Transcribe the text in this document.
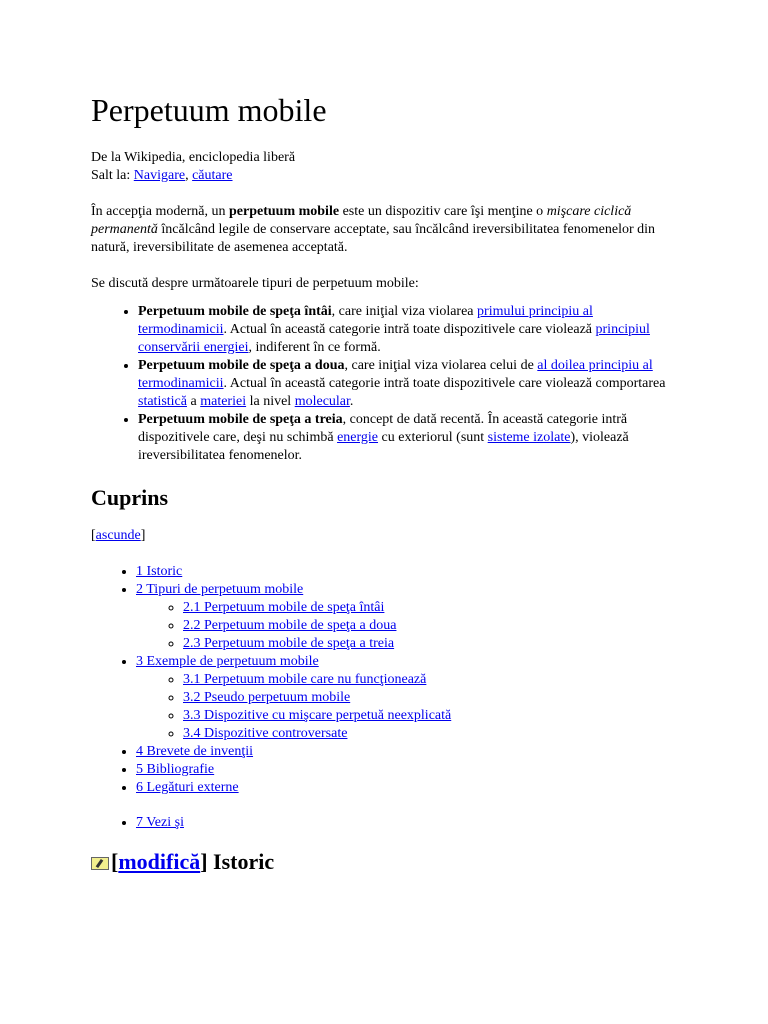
Perpetuum mobile

De la Wikipedia, enciclopedia liberă

Salt la: Navigare, căutare

În accepţia modernă, un perpetuum mobile este un dispozitiv care îşi menţine o mişcare ciclică permanentă încălcând legile de conservare acceptate, sau încălcând ireversibilitatea fenomenelor din natură, ireversibilitate de asemenea acceptată.

Se discută despre următoarele tipuri de perpetuum mobile:

• Perpetuum mobile de speţa întâi, care iniţial viza violarea primului principiu al termodinamicii. Actual în această categorie intră toate dispozitivele care violează principiul conservării energiei, indiferent în ce formă.
• Perpetuum mobile de speţa a doua, care iniţial viza violarea celui de al doilea principiu al termodinamicii. Actual în această categorie intră toate dispozitivele care violează comportarea statistică a materiei la nivel molecular.
• Perpetuum mobile de speţa a treia, concept de dată recentă. În această categorie intră dispozitivele care, deşi nu schimbă energie cu exteriorul (sunt sisteme izolate), violează ireversibilitatea fenomenelor.
Cuprins

[ascunde]

• 1 Istoric
• 2 Tipuri de perpetuum mobile
◦ 2.1 Perpetuum mobile de speţa întâi
◦ 2.2 Perpetuum mobile de speţa a doua
◦ 2.3 Perpetuum mobile de speţa a treia
• 3 Exemple de perpetuum mobile
◦ 3.1 Perpetuum mobile care nu funcţionează
◦ 3.2 Pseudo perpetuum mobile
◦ 3.3 Dispozitive cu mişcare perpetuă neexplicată
◦ 3.4 Dispozitive controversate
• 4 Brevete de invenţii
• 5 Bibliografie
• 6 Legături externe
• 7 Vezi şi
[modifică] Istoric
